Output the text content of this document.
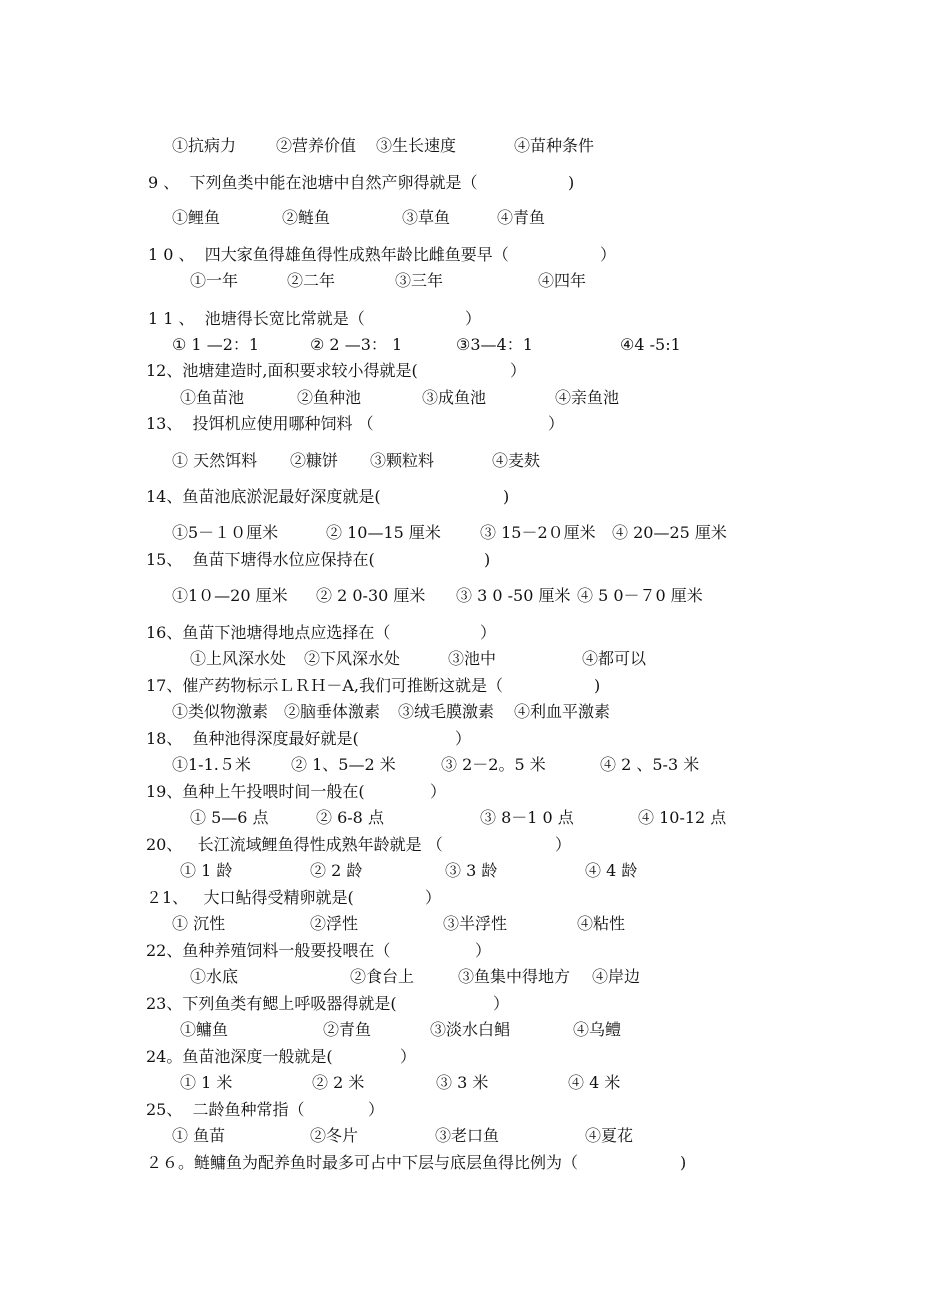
①抗病力 ②营养价值 ③生长速度	④苗种条件
9 、  下列鱼类中能在池塘中自然产卵得就是（	)
①鲤鱼	②鲢鱼	③草鱼	④青鱼
1 0 、  四大家鱼得雄鱼得性成熟年龄比雌鱼要早（	）
①一年	②二年	③三年	④四年
1 1 、  池塘得长宽比常就是（	）
① 1 —2：1	② 2 —3： 1	③3—4：1	④4 -5:1
12、池塘建造时,面积要求较小得就是(	）
①鱼苗池	②鱼种池	③成鱼池	④亲鱼池
13、  投饵机应使用哪种饲料 （	）
① 天然饵料 ②糠饼 ③颗粒料	④麦麸
14、鱼苗池底淤泥最好深度就是(	)
①5－１０厘米	② 10—15 厘米 ③ 15－2０厘米 ④ 20—25 厘米
15、  鱼苗下塘得水位应保持在(	)
①1０—20 厘米 ② 2 0-30 厘米 ③ 3 0 -50 厘米 ④ 5 0－７0 厘米
16、鱼苗下池塘得地点应选择在（	）
①上风深水处 ②下风深水处	③池中	④都可以
17、催产药物标示ＬＲＨ－A,我们可推断这就是（	)
①类似物激素 ②脑垂体激素 ③绒毛膜激素 ④利血平激素
18、  鱼种池得深度最好就是(	）
①1-1.５米	② 1、5—2 米	③ 2－2。5 米	④ 2 、5-3 米
19、鱼种上午投喂时间一般在(	）
① 5—6 点	② 6-8 点	③ 8－1 0 点	④ 10-12 点
20、   长江流域鲤鱼得性成熟年龄就是 （	）
① 1 龄	② 2 龄	③ 3 龄	④ 4 龄
２1、   大口鲇得受精卵就是(	）
① 沉性	②浮性	③半浮性	④粘性
22、鱼种养殖饲料一般要投喂在（	）
①水底	②食台上	③鱼集中得地方 ④岸边
23、下列鱼类有鳃上呼吸器得就是(	）
①鳙鱼	②青鱼	③淡水白鲳	④乌鳢
24。鱼苗池深度一般就是(	）
① 1 米	② 2 米	③ 3 米	④ 4 米
25、  二龄鱼种常指（	）
① 鱼苗	②冬片	③老口鱼	④夏花
２６。鲢鳙鱼为配养鱼时最多可占中下层与底层鱼得比例为（	)
